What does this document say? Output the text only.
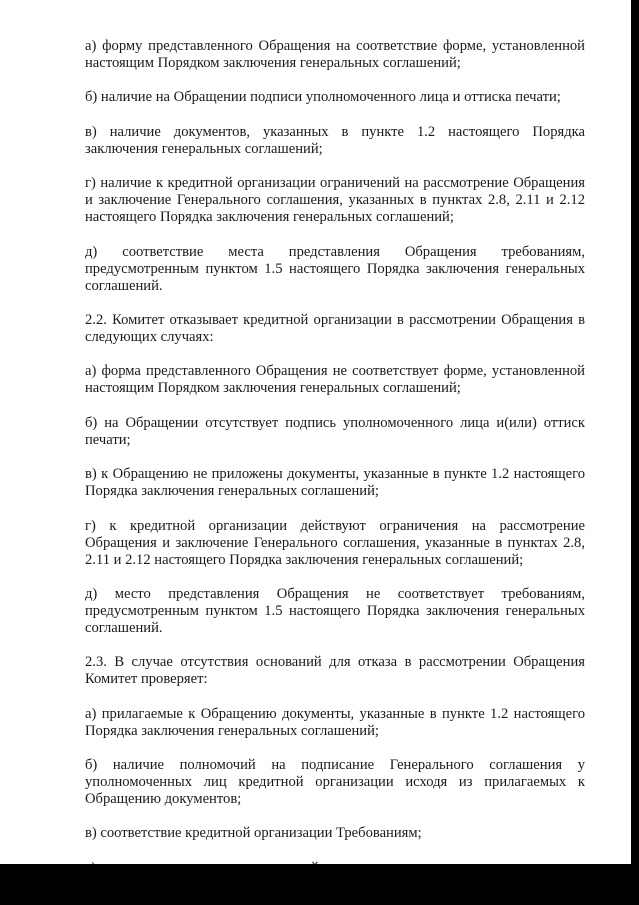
а) форму представленного Обращения на соответствие форме, установленной настоящим Порядком заключения генеральных соглашений;

б) наличие на Обращении подписи уполномоченного лица и оттиска печати;

в) наличие документов, указанных в пункте 1.2 настоящего Порядка заключения генеральных соглашений;

г) наличие к кредитной организации ограничений на рассмотрение Обращения и заключение Генерального соглашения, указанных в пунктах 2.8, 2.11 и 2.12 настоящего Порядка заключения генеральных соглашений;

д) соответствие места представления Обращения требованиям, предусмотренным пунктом 1.5 настоящего Порядка заключения генеральных соглашений.

2.2. Комитет отказывает кредитной организации в рассмотрении Обращения в следующих случаях:

а) форма представленного Обращения не соответствует форме, установленной настоящим Порядком заключения генеральных соглашений;

б) на Обращении отсутствует подпись уполномоченного лица и(или) оттиск печати;

в) к Обращению не приложены документы, указанные в пункте 1.2 настоящего Порядка заключения генеральных соглашений;

г) к кредитной организации действуют ограничения на рассмотрение Обращения и заключение Генерального соглашения, указанные в пунктах 2.8, 2.11 и 2.12 настоящего Порядка заключения генеральных соглашений;

д) место представления Обращения не соответствует требованиям, предусмотренным пунктом 1.5 настоящего Порядка заключения генеральных соглашений.

2.3. В случае отсутствия оснований для отказа в рассмотрении Обращения Комитет проверяет:

а) прилагаемые к Обращению документы, указанные в пункте 1.2 настоящего Порядка заключения генеральных соглашений;

б) наличие полномочий на подписание Генерального соглашения у уполномоченных лиц кредитной организации исходя из прилагаемых к Обращению документов;

в) соответствие кредитной организации Требованиям;
